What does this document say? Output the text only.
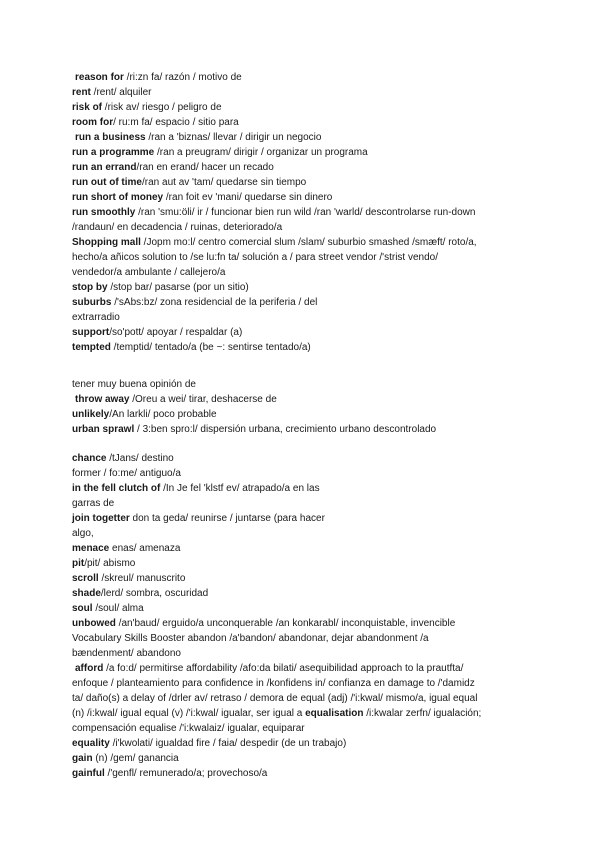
reason for /ri:zn fa/ razón / motivo de
rent /rent/ alquiler
risk of /risk av/ riesgo / peligro de
room for/ ru:m fa/ espacio / sitio para
run a business /ran a 'biznas/ llevar / dirigir un negocio
run a programme /ran a preugram/ dirigir / organizar un programa
run an errand/ran en erand/ hacer un recado
run out of time/ran aut av 'tam/ quedarse sin tiempo
run short of money /ran foit ev 'mani/ quedarse sin dinero
run smoothly /ran 'smu:öli/ ir / funcionar bien run wild /ran 'warld/ descontrolarse run-down
/randaun/ en decadencia / ruinas, deteriorado/a
Shopping mall /Jopm mo:l/ centro comercial slum /slam/ suburbio smashed /smæft/ roto/a,
hecho/a añicos solution to /se lu:fn ta/ solución a / para street vendor /'strist vendo/
vendedor/a ambulante / callejero/a
stop by /stop bar/ pasarse (por un sitio)
suburbs /'sAbs:bz/ zona residencial de la periferia / del
extrarradio
support/so'pott/ apoyar / respaldar (a)
tempted /temptid/ tentado/a (be ~: sentirse tentado/a)
tener muy buena opinión de
throw away /Oreu a wei/ tirar, deshacerse de
unlikely/An larkli/ poco probable
urban sprawl / 3:ben spro:l/ dispersión urbana, crecimiento urbano descontrolado
chance /tJans/ destino
former / fo:me/ antiguo/a
in the fell clutch of /In Je fel 'klstf ev/ atrapado/a en las
garras de
join togetter don ta geda/ reunirse / juntarse (para hacer
algo,
menace enas/ amenaza
pit/pit/ abismo
scroll /skreul/ manuscrito
shade/lerd/ sombra, oscuridad
soul /soul/ alma
unbowed /an'baud/ erguido/a unconquerable /an konkarabl/ inconquistable, invencible
Vocabulary Skills Booster abandon /a'bandon/ abandonar, dejar abandonment /a
bændenment/ abandono
afford /a fo:d/ permitirse affordability /afo:da bilati/ asequibilidad approach to la prautfta/
enfoque / planteamiento para confidence in /konfidens in/ confianza en damage to /'damidz
ta/ daño(s) a delay of /drler av/ retraso / demora de equal (adj) /'i:kwal/ mismo/a, igual equal
(n) /i:kwal/ igual equal (v) /'i:kwal/ igualar, ser igual a equalisation /i:kwalar zerfn/ igualación;
compensación equalise /'i:kwalaiz/ igualar, equiparar
equality /i'kwolati/ igualdad fire / faia/ despedir (de un trabajo)
gain (n) /gem/ ganancia
gainful /'genfl/ remunerado/a; provechoso/a
